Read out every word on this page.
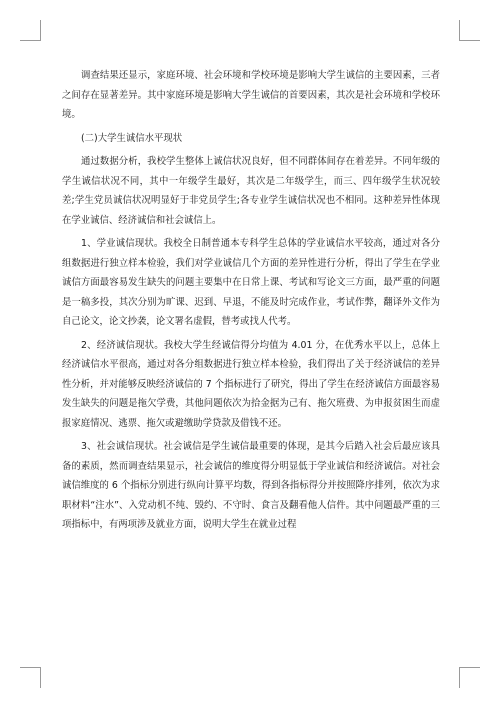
调查结果还显示，家庭环境、社会环境和学校环境是影响大学生诚信的主要因素，三者之间存在显著差异。其中家庭环境是影响大学生诚信的首要因素，其次是社会环境和学校环境。

(二)大学生诚信水平现状

通过数据分析，我校学生整体上诚信状况良好，但不同群体间存在着差异。不同年级的学生诚信状况不同，其中一年级学生最好，其次是二年级学生，而三、四年级学生状况较差;学生党员诚信状况明显好于非党员学生;各专业学生诚信状况也不相同。这种差异性体现在学业诚信、经济诚信和社会诚信上。

1、学业诚信现状。我校全日制普通本专科学生总体的学业诚信水平较高，通过对各分组数据进行独立样本检验，我们对学业诚信几个方面的差异性进行分析，得出了学生在学业诚信方面最容易发生缺失的问题主要集中在日常上课、考试和写论文三方面，最严重的问题是一稿多投，其次分别为旷课、迟到、早退，不能及时完成作业，考试作弊，翻译外文作为自己论文，论文抄袭，论文署名虚假，替考或找人代考。

2、经济诚信现状。我校大学生经诚信得分均值为 4.01 分，在优秀水平以上，总体上经济诚信水平很高，通过对各分组数据进行独立样本检验，我们得出了关于经济诚信的差异性分析，并对能够反映经济诚信的 7 个指标进行了研究，得出了学生在经济诚信方面最容易发生缺失的问题是拖欠学费，其他问题依次为拾金据为己有、拖欠班费、为申报贫困生而虚报家庭情况、逃票、拖欠或避缴助学贷款及借钱不还。

3、社会诚信现状。社会诚信是学生诚信最重要的体现，是其今后踏入社会后最应该具备的素质，然而调查结果显示，社会诚信的维度得分明显低于学业诚信和经济诚信。对社会诚信维度的 6 个指标分别进行纵向计算平均数，得到各指标得分并按照降序排列，依次为求职材料“注水”、入党动机不纯、毁约、不守时、食言及翻看他人信件。其中问题最严重的三项指标中，有两项涉及就业方面，说明大学生在就业过程
